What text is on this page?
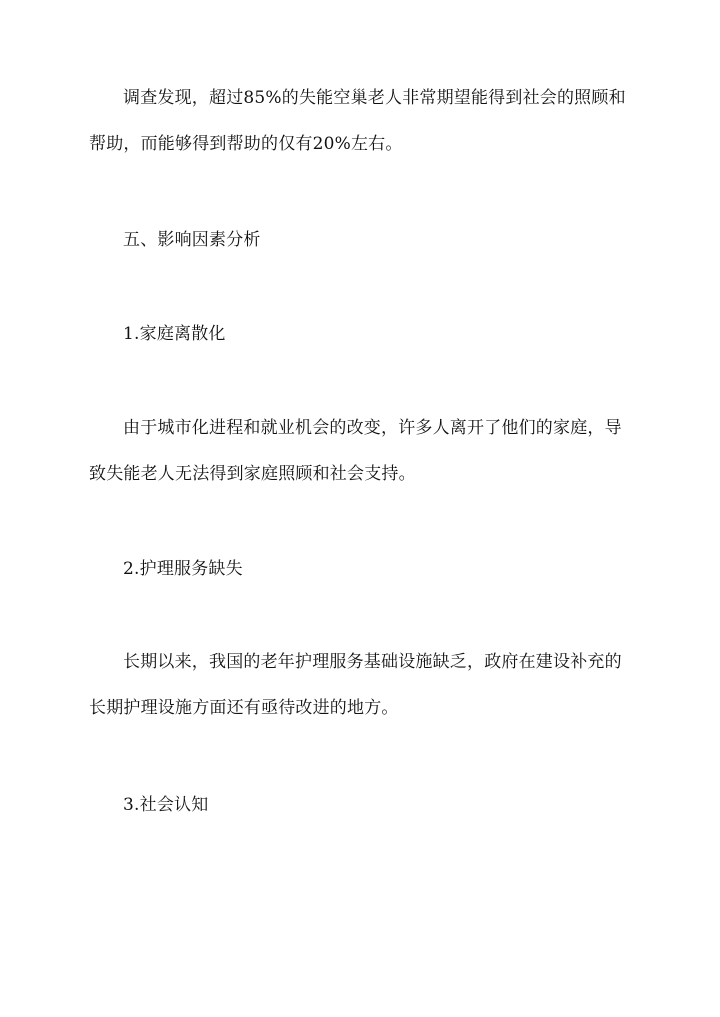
调查发现，超过85%的失能空巢老人非常期望能得到社会的照顾和帮助，而能够得到帮助的仅有20%左右。

五、影响因素分析

1.家庭离散化

由于城市化进程和就业机会的改变，许多人离开了他们的家庭，导致失能老人无法得到家庭照顾和社会支持。

2.护理服务缺失

长期以来，我国的老年护理服务基础设施缺乏，政府在建设补充的长期护理设施方面还有亟待改进的地方。

3.社会认知
